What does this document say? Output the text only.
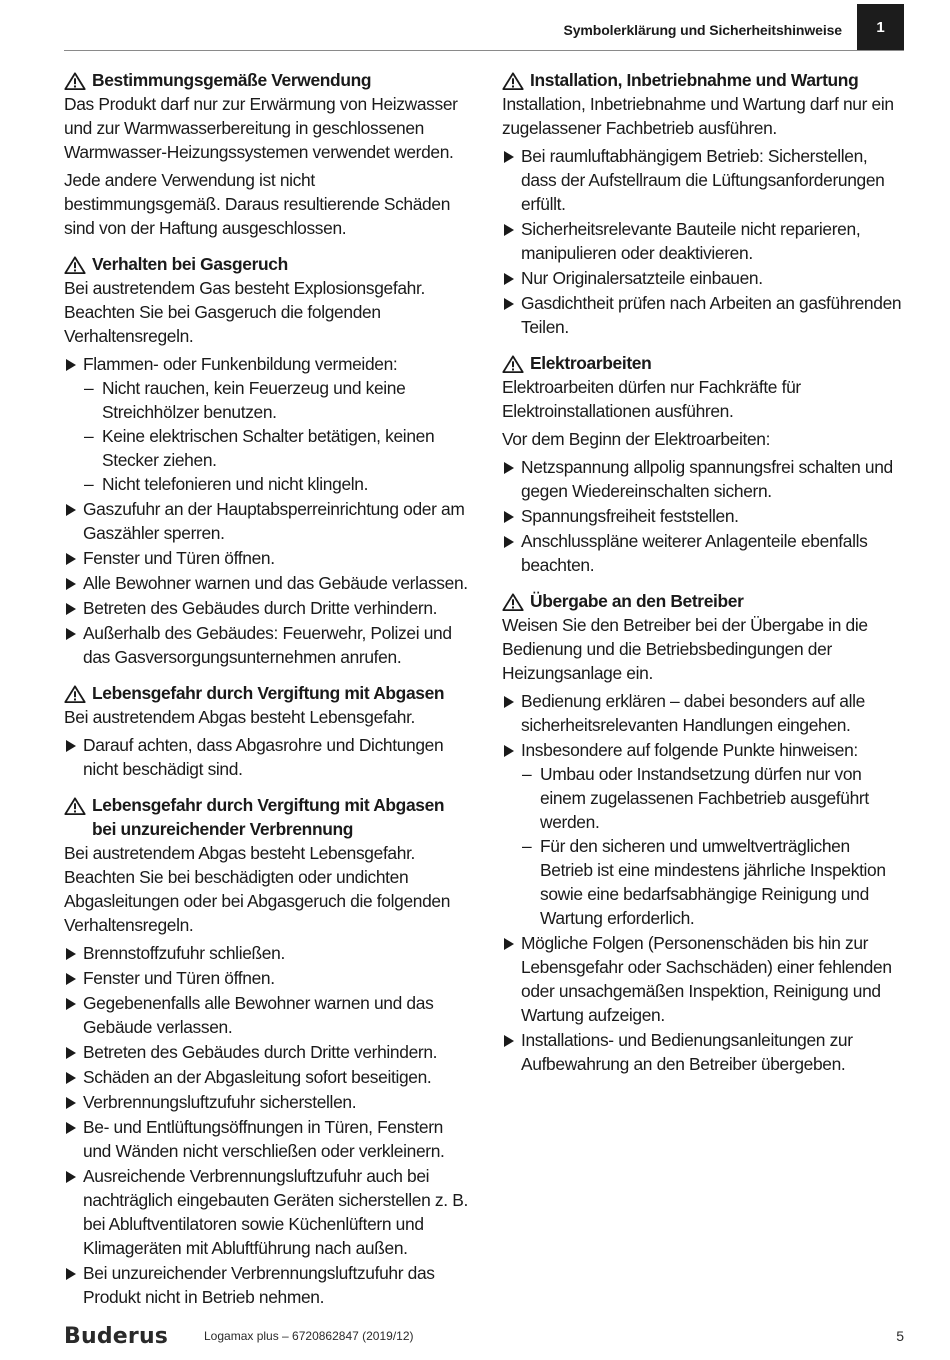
Symbolerklärung und Sicherheitshinweise	1
Bestimmungsgemäße Verwendung

Das Produkt darf nur zur Erwärmung von Heizwasser und zur Warmwasserbereitung in geschlossenen Warmwasser-Heizungssystemen verwendet werden.

Jede andere Verwendung ist nicht bestimmungsgemäß. Daraus resultierende Schäden sind von der Haftung ausgeschlossen.

Verhalten bei Gasgeruch

Bei austretendem Gas besteht Explosionsgefahr. Beachten Sie bei Gasgeruch die folgenden Verhaltensregeln.

Flammen- oder Funkenbildung vermeiden:
– Nicht rauchen, kein Feuerzeug und keine Streichhölzer benutzen.
– Keine elektrischen Schalter betätigen, keinen Stecker ziehen.
– Nicht telefonieren und nicht klingeln.
Gaszufuhr an der Hauptabsperreinrichtung oder am Gaszähler sperren.
Fenster und Türen öffnen.
Alle Bewohner warnen und das Gebäude verlassen.
Betreten des Gebäudes durch Dritte verhindern.
Außerhalb des Gebäudes: Feuerwehr, Polizei und das Gasversorgungsunternehmen anrufen.
Lebensgefahr durch Vergiftung mit Abgasen

Bei austretendem Abgas besteht Lebensgefahr.

Darauf achten, dass Abgasrohre und Dichtungen nicht beschädigt sind.
Lebensgefahr durch Vergiftung mit Abgasen bei unzureichender Verbrennung

Bei austretendem Abgas besteht Lebensgefahr. Beachten Sie bei beschädigten oder undichten Abgasleitungen oder bei Abgasgeruch die folgenden Verhaltensregeln.

Brennstoffzufuhr schließen.
Fenster und Türen öffnen.
Gegebenenfalls alle Bewohner warnen und das Gebäude verlassen.
Betreten des Gebäudes durch Dritte verhindern.
Schäden an der Abgasleitung sofort beseitigen.
Verbrennungsluftzufuhr sicherstellen.
Be- und Entlüftungsöffnungen in Türen, Fenstern und Wänden nicht verschließen oder verkleinern.
Ausreichende Verbrennungsluftzufuhr auch bei nachträglich eingebauten Geräten sicherstellen z. B. bei Abluftventilatoren sowie Küchenlüftern und Klimageräten mit Abluftführung nach außen.
Bei unzureichender Verbrennungsluftzufuhr das Produkt nicht in Betrieb nehmen.
Installation, Inbetriebnahme und Wartung

Installation, Inbetriebnahme und Wartung darf nur ein zugelassener Fachbetrieb ausführen.

Bei raumluftabhängigem Betrieb: Sicherstellen, dass der Aufstellraum die Lüftungsanforderungen erfüllt.
Sicherheitsrelevante Bauteile nicht reparieren, manipulieren oder deaktivieren.
Nur Originalersatzteile einbauen.
Gasdichtheit prüfen nach Arbeiten an gasführenden Teilen.
Elektroarbeiten

Elektroarbeiten dürfen nur Fachkräfte für Elektroinstallationen ausführen.

Vor dem Beginn der Elektroarbeiten:

Netzspannung allpolig spannungsfrei schalten und gegen Wiedereinschalten sichern.
Spannungsfreiheit feststellen.
Anschlusspläne weiterer Anlagenteile ebenfalls beachten.
Übergabe an den Betreiber

Weisen Sie den Betreiber bei der Übergabe in die Bedienung und die Betriebsbedingungen der Heizungsanlage ein.

Bedienung erklären – dabei besonders auf alle sicherheitsrelevanten Handlungen eingehen.
Insbesondere auf folgende Punkte hinweisen:
– Umbau oder Instandsetzung dürfen nur von einem zugelassenen Fachbetrieb ausgeführt werden.
– Für den sicheren und umweltverträglichen Betrieb ist eine mindestens jährliche Inspektion sowie eine bedarfsabhängige Reinigung und Wartung erforderlich.
Mögliche Folgen (Personenschäden bis hin zur Lebensgefahr oder Sachschäden) einer fehlenden oder unsachgemäßen Inspektion, Reinigung und Wartung aufzeigen.
Installations- und Bedienungsanleitungen zur Aufbewahrung an den Betreiber übergeben.
Buderus	Logamax plus – 6720862847 (2019/12)	5
